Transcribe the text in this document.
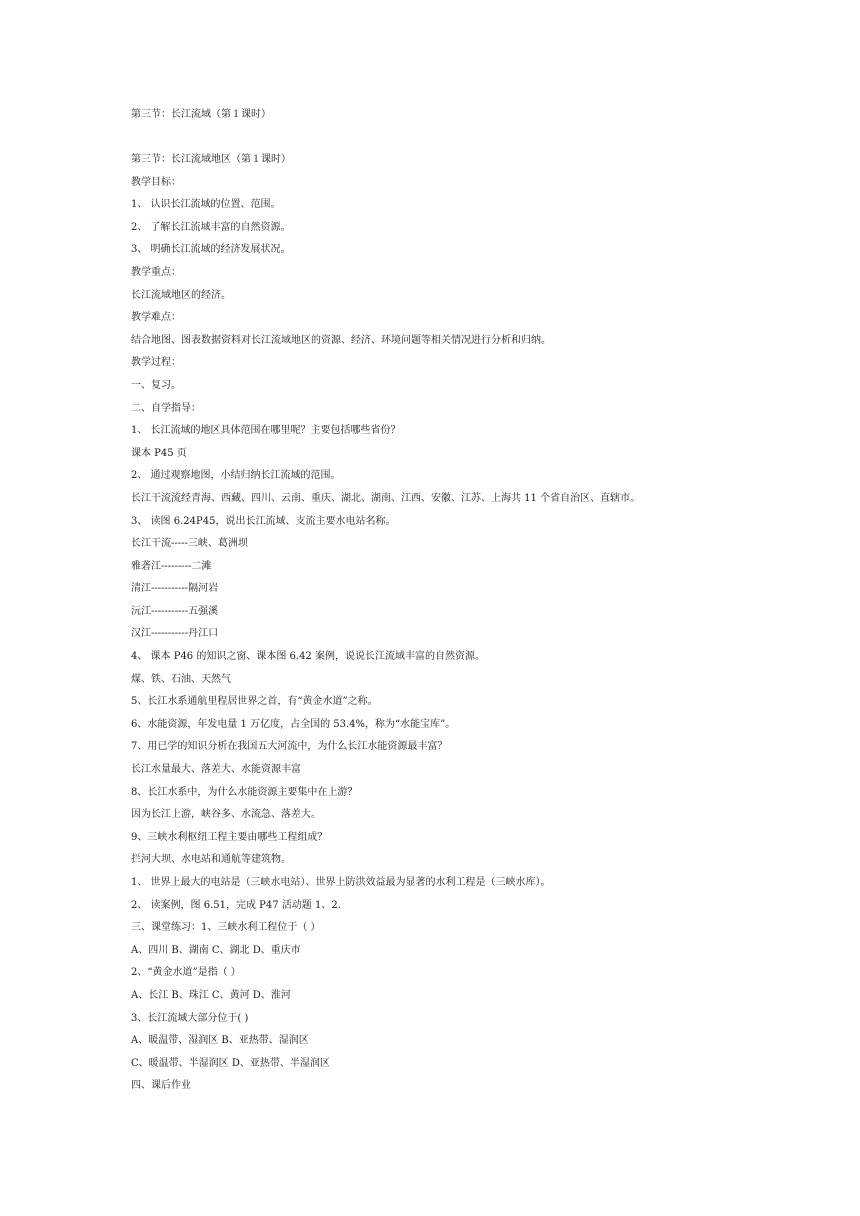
第三节：长江流域（第１课时）
第三节：长江流域地区（第１课时）
教学目标：
1、 认识长江流域的位置、范围。
2、 了解长江流域丰富的自然资源。
3、 明确长江流域的经济发展状况。
教学重点：
长江流域地区的经济。
教学难点：
结合地图、图表数据资料对长江流域地区的资源、经济、环境问题等相关情况进行分析和归纳。
教学过程：
一、复习。
二、自学指导：
1、 长江流域的地区具体范围在哪里呢？主要包括哪些省份？
课本 P45 页
2、 通过观察地图，小结归纳长江流域的范围。
长江干流流经青海、西藏、四川、云南、重庆、湖北、湖南、江西、安徽、江苏、上海共 11 个省自治区、直辖市。
3、 读图 6.24P45，说出长江流域、支流主要水电站名称。
长江干流-----三峡、葛洲坝
雅砻江---------二滩
清江-----------隔河岩
沅江-----------五强溪
汉江-----------丹江口
4、 课本 P46 的知识之窗、课本图 6.42 案例，说说长江流域丰富的自然资源。
煤、铁、石油、天然气
5、长江水系通航里程居世界之首，有“黄金水道”之称。
6、水能资源，年发电量 1 万亿度，占全国的 53.4%，称为“水能宝库”。
7、用已学的知识分析在我国五大河流中，为什么长江水能资源最丰富？
长江水量最大、落差大、水能资源丰富
8、长江水系中，为什么水能资源主要集中在上游？
因为长江上游，峡谷多、水流急、落差大。
9、三峡水利枢纽工程主要由哪些工程组成？
拦河大坝、水电站和通航等建筑物。
1、 世界上最大的电站是（三峡水电站）、世界上防洪效益最为显著的水利工程是（三峡水库）。
2、 读案例，图 6.51，完成 P47 活动题 1、2.
三、课堂练习：1、三峡水利工程位于（ ）
A、四川 B、湖南 C、湖北 D、重庆市
2、“黄金水道”是指（ ）
A、长江 B、珠江 C、黄河 D、淮河
3、长江流域大部分位于( )
A、暖温带、湿润区 B、亚热带、湿润区
C、暖温带、半湿润区 D、亚热带、半湿润区
四、课后作业
